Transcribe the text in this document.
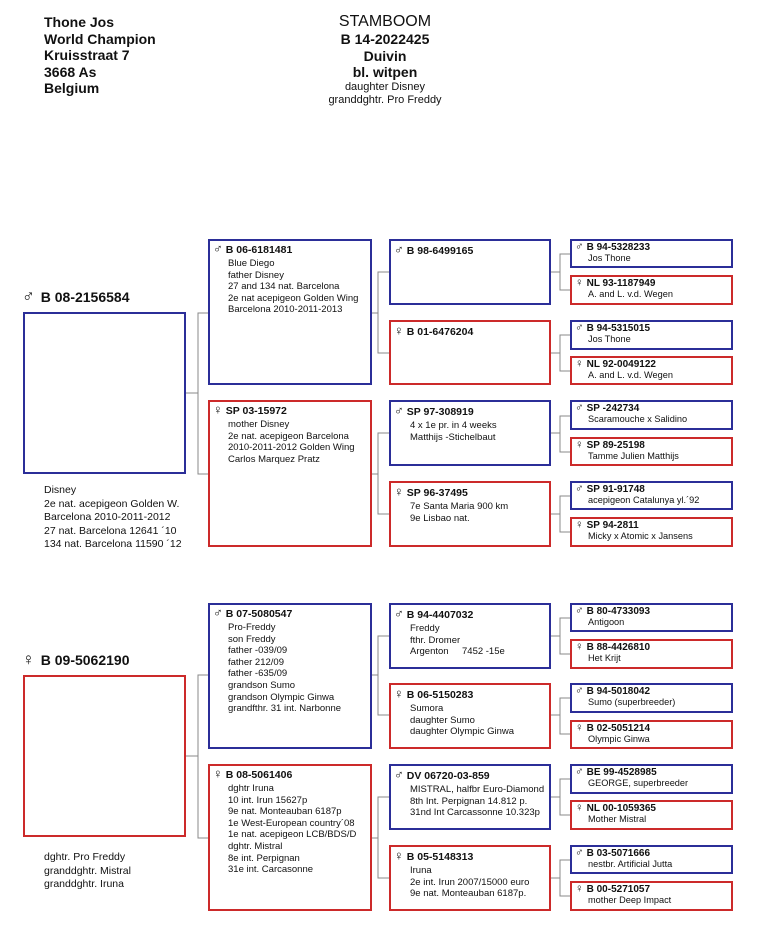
Thone Jos
World Champion
Kruisstraat 7
3668 As
Belgium
STAMBOOM
B 14-2022425
Duivin
bl. witpen
daughter Disney
granddghtr. Pro Freddy
♂ B 08-2156584
Disney
2e nat. acepigeon Golden W.
Barcelona 2010-2011-2012
27 nat. Barcelona 12641 ´10
134 nat. Barcelona 11590 ´12
♀ B 09-5062190
dghtr. Pro Freddy
granddghtr. Mistral
granddghtr. Iruna
♂ B 06-6181481
Blue Diego
father Disney
27 and 134 nat. Barcelona
2e nat acepigeon Golden Wing
Barcelona 2010-2011-2013
♀ SP 03-15972
mother Disney
2e nat. acepigeon Barcelona
2010-2011-2012 Golden Wing
Carlos Marquez Pratz
♂ B 07-5080547
Pro-Freddy
son Freddy
father -039/09
father 212/09
father -635/09
grandson Sumo
grandson Olympic Ginwa
grandfthr. 31 int. Narbonne
♀ B 08-5061406
dghtr Iruna
10 int. Irun 15627p
9e nat. Monteauban 6187p
1e West-European country´08
1e nat. acepigeon LCB/BDS/D
dghtr. Mistral
8e int. Perpignan
31e int. Carcasonne
♂ B 98-6499165
♀ B 01-6476204
♂ SP 97-308919
4 x 1e pr. in 4 weeks
Matthijs -Stichelbaut
♀ SP 96-37495
7e Santa Maria 900 km
9e Lisbao nat.
♂ B 94-4407032
Freddy
fthr. Dromer
Argenton 7452 -15e
♀ B 06-5150283
Sumora
daughter Sumo
daughter Olympic Ginwa
♂ DV 06720-03-859
MISTRAL, halfbr Euro-Diamond
8th Int. Perpignan 14.812 p.
31nd Int Carcassonne 10.323p
♀ B 05-5148313
Iruna
2e int. Irun 2007/15000 euro
9e nat. Monteauban 6187p.
♂ B 94-5328233
Jos Thone
♀ NL 93-1187949
A. and L. v.d. Wegen
♂ B 94-5315015
Jos Thone
♀ NL 92-0049122
A. and L. v.d. Wegen
♂ SP -242734
Scaramouche x Salidino
♀ SP 89-25198
Tamme Julien Matthijs
♂ SP 91-91748
acepigeon Catalunya yl.´92
♀ SP 94-2811
Micky x Atomic x Jansens
♂ B 80-4733093
Antigoon
♀ B 88-4426810
Het Krijt
♂ B 94-5018042
Sumo (superbreeder)
♀ B 02-5051214
Olympic Ginwa
♂ BE 99-4528985
GEORGE, superbreeder
♀ NL 00-1059365
Mother Mistral
♂ B 03-5071666
nestbr. Artificial Jutta
♀ B 00-5271057
mother Deep Impact
